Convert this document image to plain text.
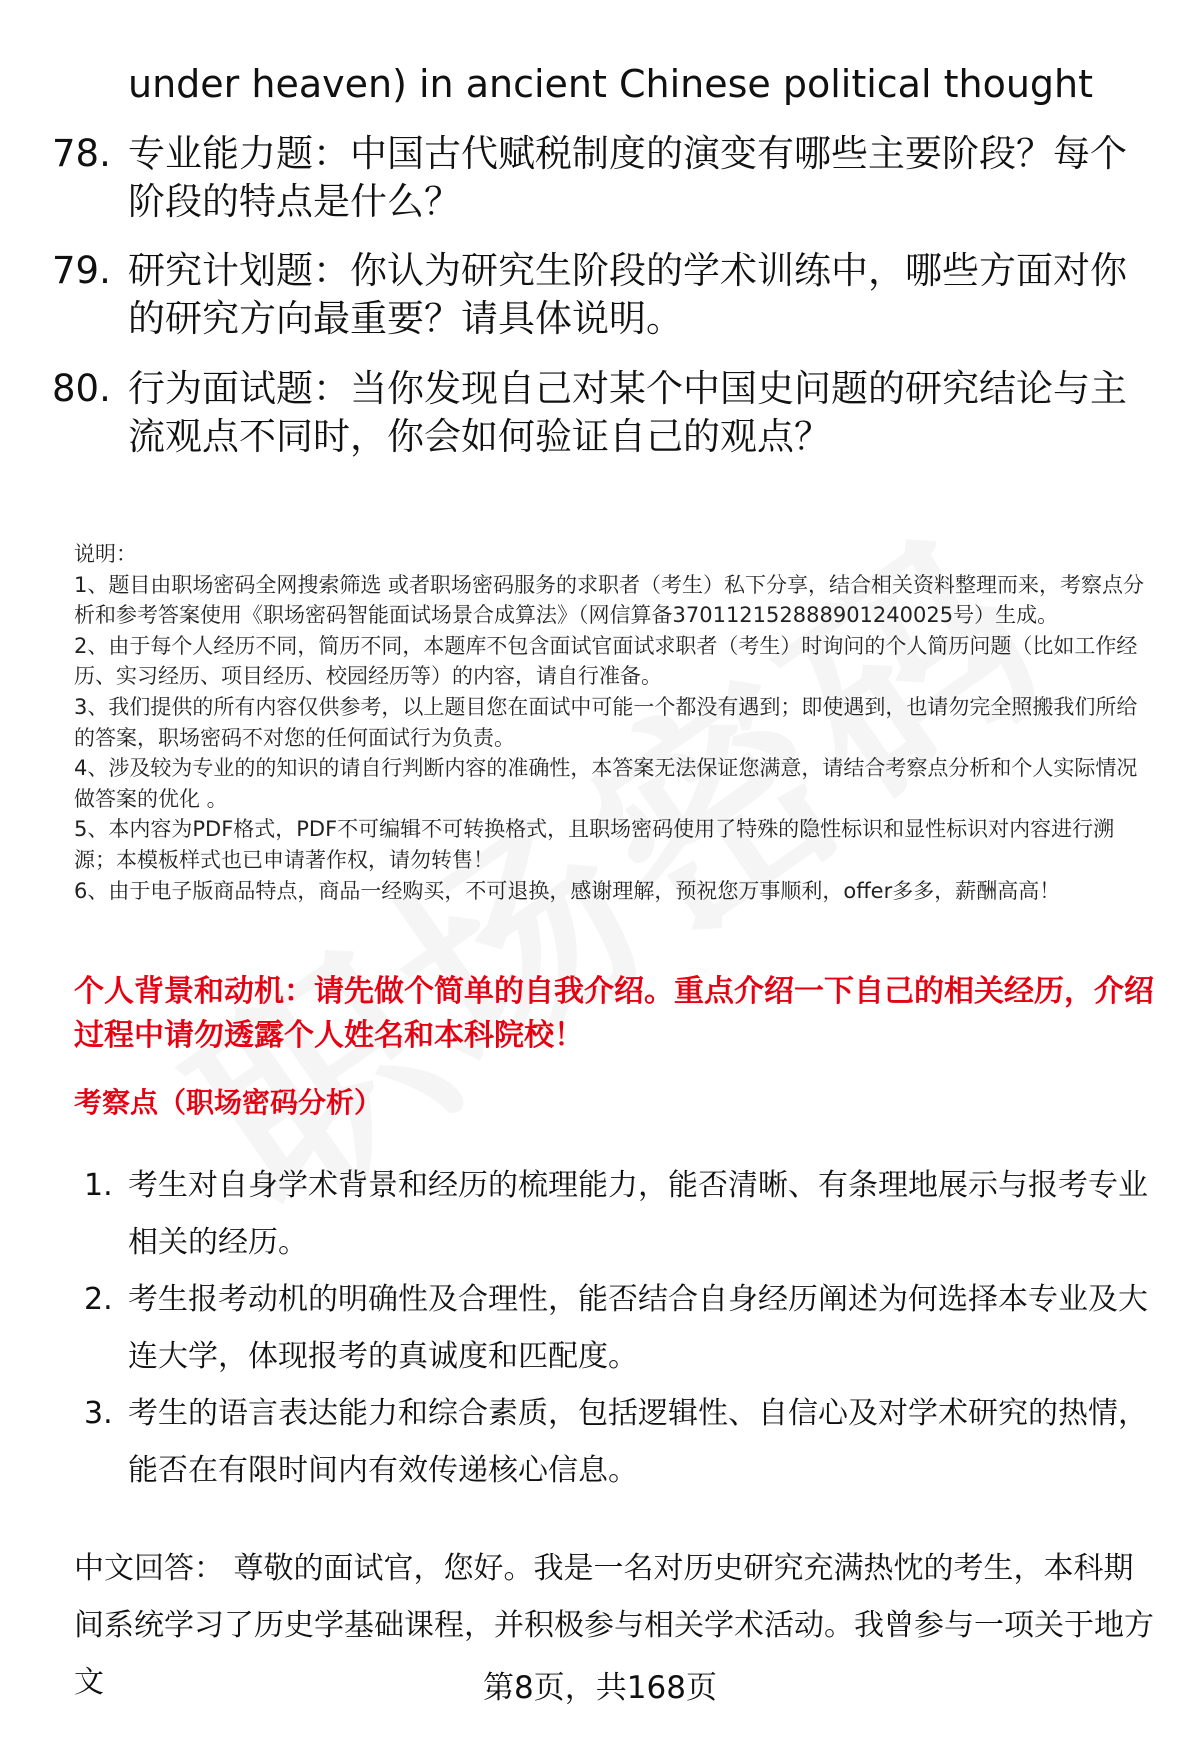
under heaven) in ancient Chinese political thought
78. 专业能力题：中国古代赋税制度的演变有哪些主要阶段？每个阶段的特点是什么？
79. 研究计划题：你认为研究生阶段的学术训练中，哪些方面对你的研究方向最重要？请具体说明。
80. 行为面试题：当你发现自己对某个中国史问题的研究结论与主流观点不同时，你会如何验证自己的观点？
说明：
1、题目由职场密码全网搜索筛选 或者职场密码服务的求职者（考生）私下分享，结合相关资料整理而来，考察点分析和参考答案使用《职场密码智能面试场景合成算法》（网信算备370112152888901240025号）生成。
2、由于每个人经历不同，简历不同，本题库不包含面试官面试求职者（考生）时询问的个人简历问题（比如工作经历、实习经历、项目经历、校园经历等）的内容，请自行准备。
3、我们提供的所有内容仅供参考，以上题目您在面试中可能一个都没有遇到；即使遇到，也请勿完全照搬我们所给的答案，职场密码不对您的任何面试行为负责。
4、涉及较为专业的的知识的请自行判断内容的准确性，本答案无法保证您满意，请结合考察点分析和个人实际情况做答案的优化 。
5、本内容为PDF格式，PDF不可编辑不可转换格式，且职场密码使用了特殊的隐性标识和显性标识对内容进行溯源；本模板样式也已申请著作权，请勿转售！
6、由于电子版商品特点，商品一经购买，不可退换，感谢理解，预祝您万事顺利，offer多多，薪酬高高！
个人背景和动机：请先做个简单的自我介绍。重点介绍一下自己的相关经历，介绍过程中请勿透露个人姓名和本科院校！
考察点（职场密码分析）
1. 考生对自身学术背景和经历的梳理能力，能否清晰、有条理地展示与报考专业相关的经历。
2. 考生报考动机的明确性及合理性，能否结合自身经历阐述为何选择本专业及大连大学，体现报考的真诚度和匹配度。
3. 考生的语言表达能力和综合素质，包括逻辑性、自信心及对学术研究的热情，能否在有限时间内有效传递核心信息。
中文回答： 尊敬的面试官，您好。我是一名对历史研究充满热忱的考生，本科期间系统学习了历史学基础课程，并积极参与相关学术活动。我曾参与一项关于地方文	第8页，共168页
